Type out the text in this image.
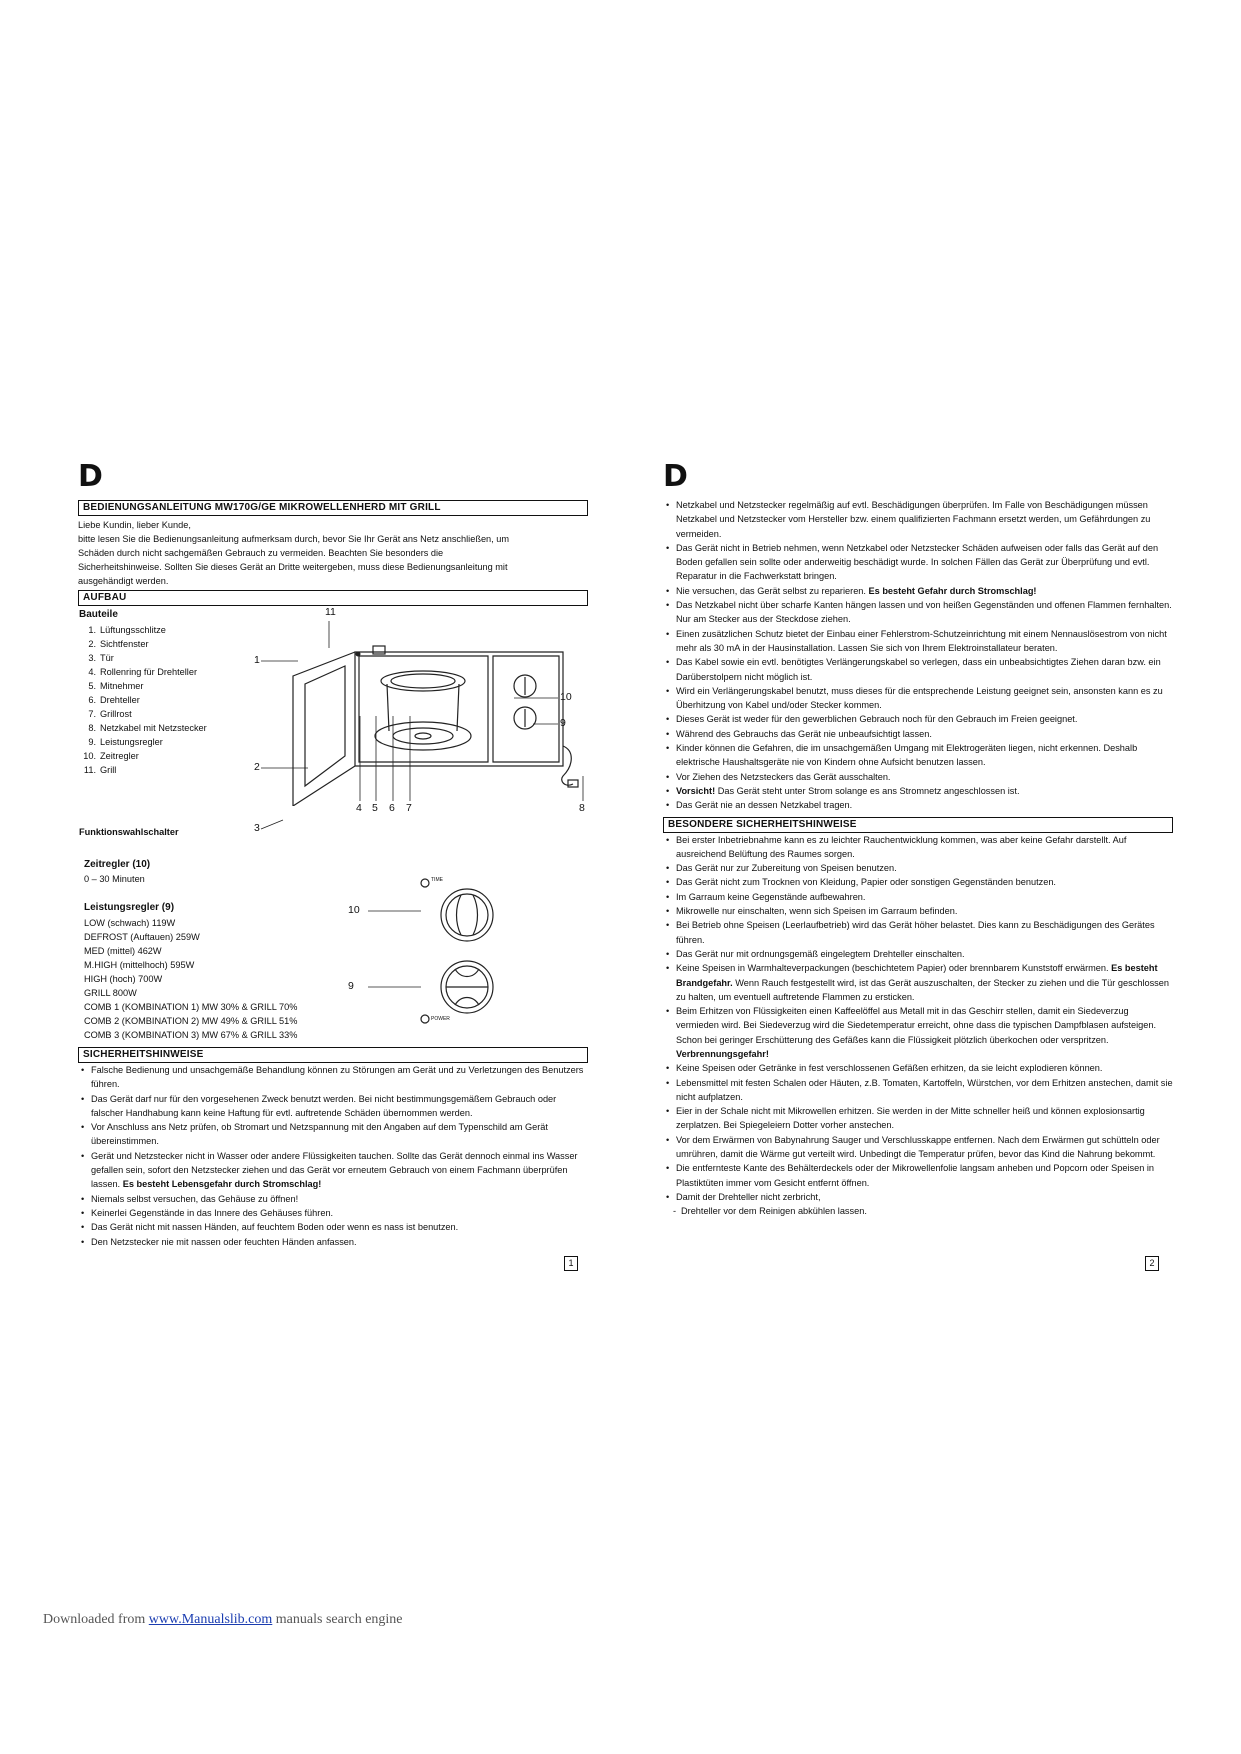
D
BEDIENUNGSANLEITUNG MW170G/GE MIKROWELLENHERD MIT GRILL

Liebe Kundin, lieber Kunde,

bitte lesen Sie die Bedienungsanleitung aufmerksam durch, bevor Sie Ihr Gerät ans Netz anschließen, um

Schäden durch nicht sachgemäßen Gebrauch zu vermeiden. Beachten Sie besonders die

Sicherheitshinweise. Sollten Sie dieses Gerät an Dritte weitergeben, muss diese Bedienungsanleitung mit

ausgehändigt werden.

AUFBAU

Bauteile

1. Lüftungsschlitze
2. Sichtfenster
3. Tür
4. Rollenring für Drehteller
5. Mitnehmer
6. Drehteller
7. Grillrost
8. Netzkabel mit Netzstecker
9. Leistungsregler
10. Zeitregler
11. Grill
11
1
2
3
10
9
4 5 6 7	8

Funktionswahlschalter

Zeitregler (10)

0 – 30 Minuten

Leistungsregler (9)

LOW (schwach) 119W
DEFROST (Auftauen) 259W
MED (mittel) 462W
M.HIGH (mittelhoch) 595W
HIGH (hoch) 700W
GRILL 800W
COMB 1 (KOMBINATION 1) MW 30% & GRILL 70%
COMB 2 (KOMBINATION 2) MW 49% & GRILL 51%
COMB 3 (KOMBINATION 3) MW 67% & GRILL 33%
10
9
TIME
POWER
SICHERHEITSHINWEISE
• Falsche Bedienung und unsachgemäße Behandlung können zu Störungen am Gerät und zu Verletzungen des Benutzers führen.
• Das Gerät darf nur für den vorgesehenen Zweck benutzt werden. Bei nicht bestimmungsgemäßem Gebrauch oder falscher Handhabung kann keine Haftung für evtl. auftretende Schäden übernommen werden.
• Vor Anschluss ans Netz prüfen, ob Stromart und Netzspannung mit den Angaben auf dem Typenschild am Gerät übereinstimmen.
• Gerät und Netzstecker nicht in Wasser oder andere Flüssigkeiten tauchen. Sollte das Gerät dennoch einmal ins Wasser gefallen sein, sofort den Netzstecker ziehen und das Gerät vor erneutem Gebrauch von einem Fachmann überprüfen lassen. Es besteht Lebensgefahr durch Stromschlag!
• Niemals selbst versuchen, das Gehäuse zu öffnen!
• Keinerlei Gegenstände in das Innere des Gehäuses führen.
• Das Gerät nicht mit nassen Händen, auf feuchtem Boden oder wenn es nass ist benutzen.
• Den Netzstecker nie mit nassen oder feuchten Händen anfassen.
1
D
• Netzkabel und Netzstecker regelmäßig auf evtl. Beschädigungen überprüfen. Im Falle von Beschädigungen müssen Netzkabel und Netzstecker vom Hersteller bzw. einem qualifizierten Fachmann ersetzt werden, um Gefährdungen zu vermeiden.
• Das Gerät nicht in Betrieb nehmen, wenn Netzkabel oder Netzstecker Schäden aufweisen oder falls das Gerät auf den Boden gefallen sein sollte oder anderweitig beschädigt wurde. In solchen Fällen das Gerät zur Überprüfung und evtl. Reparatur in die Fachwerkstatt bringen.
• Nie versuchen, das Gerät selbst zu reparieren. Es besteht Gefahr durch Stromschlag!
• Das Netzkabel nicht über scharfe Kanten hängen lassen und von heißen Gegenständen und offenen Flammen fernhalten. Nur am Stecker aus der Steckdose ziehen.
• Einen zusätzlichen Schutz bietet der Einbau einer Fehlerstrom-Schutzeinrichtung mit einem Nennauslösestrom von nicht mehr als 30 mA in der Hausinstallation. Lassen Sie sich von Ihrem Elektroinstallateur beraten.
• Das Kabel sowie ein evtl. benötigtes Verlängerungskabel so verlegen, dass ein unbeabsichtigtes Ziehen daran bzw. ein Darüberstolpern nicht möglich ist.
• Wird ein Verlängerungskabel benutzt, muss dieses für die entsprechende Leistung geeignet sein, ansonsten kann es zu Überhitzung von Kabel und/oder Stecker kommen.
• Dieses Gerät ist weder für den gewerblichen Gebrauch noch für den Gebrauch im Freien geeignet.
• Während des Gebrauchs das Gerät nie unbeaufsichtigt lassen.
• Kinder können die Gefahren, die im unsachgemäßen Umgang mit Elektrogeräten liegen, nicht erkennen. Deshalb elektrische Haushaltsgeräte nie von Kindern ohne Aufsicht benutzen lassen.
• Vor Ziehen des Netzsteckers das Gerät ausschalten.
• Vorsicht! Das Gerät steht unter Strom solange es ans Stromnetz angeschlossen ist.
• Das Gerät nie an dessen Netzkabel tragen.
BESONDERE SICHERHEITSHINWEISE
• Bei erster Inbetriebnahme kann es zu leichter Rauchentwicklung kommen, was aber keine Gefahr darstellt. Auf ausreichend Belüftung des Raumes sorgen.
• Das Gerät nur zur Zubereitung von Speisen benutzen.
• Das Gerät nicht zum Trocknen von Kleidung, Papier oder sonstigen Gegenständen benutzen.
• Im Garraum keine Gegenstände aufbewahren.
• Mikrowelle nur einschalten, wenn sich Speisen im Garraum befinden.
• Bei Betrieb ohne Speisen (Leerlaufbetrieb) wird das Gerät höher belastet. Dies kann zu Beschädigungen des Gerätes führen.
• Das Gerät nur mit ordnungsgemäß eingelegtem Drehteller einschalten.
• Keine Speisen in Warmhalteverpackungen (beschichtetem Papier) oder brennbarem Kunststoff erwärmen. Es besteht Brandgefahr. Wenn Rauch festgestellt wird, ist das Gerät auszuschalten, der Stecker zu ziehen und die Tür geschlossen zu halten, um eventuell auftretende Flammen zu ersticken.
• Beim Erhitzen von Flüssigkeiten einen Kaffeelöffel aus Metall mit in das Geschirr stellen, damit ein Siedeverzug vermieden wird. Bei Siedeverzug wird die Siedetemperatur erreicht, ohne dass die typischen Dampfblasen aufsteigen. Schon bei geringer Erschütterung des Gefäßes kann die Flüssigkeit plötzlich überkochen oder verspritzen. Verbrennungsgefahr!
• Keine Speisen oder Getränke in fest verschlossenen Gefäßen erhitzen, da sie leicht explodieren können.
• Lebensmittel mit festen Schalen oder Häuten, z.B. Tomaten, Kartoffeln, Würstchen, vor dem Erhitzen anstechen, damit sie nicht aufplatzen.
• Eier in der Schale nicht mit Mikrowellen erhitzen. Sie werden in der Mitte schneller heiß und können explosionsartig zerplatzen. Bei Spiegeleiern Dotter vorher anstechen.
• Vor dem Erwärmen von Babynahrung Sauger und Verschlusskappe entfernen. Nach dem Erwärmen gut schütteln oder umrühren, damit die Wärme gut verteilt wird. Unbedingt die Temperatur prüfen, bevor das Kind die Nahrung bekommt.
• Die entfernteste Kante des Behälterdeckels oder der Mikrowellenfolie langsam anheben und Popcorn oder Speisen in Plastiktüten immer vom Gesicht entfernt öffnen.
• Damit der Drehteller nicht zerbricht,
- Drehteller vor dem Reinigen abkühlen lassen.
2
Downloaded from www.Manualslib.com manuals search engine
